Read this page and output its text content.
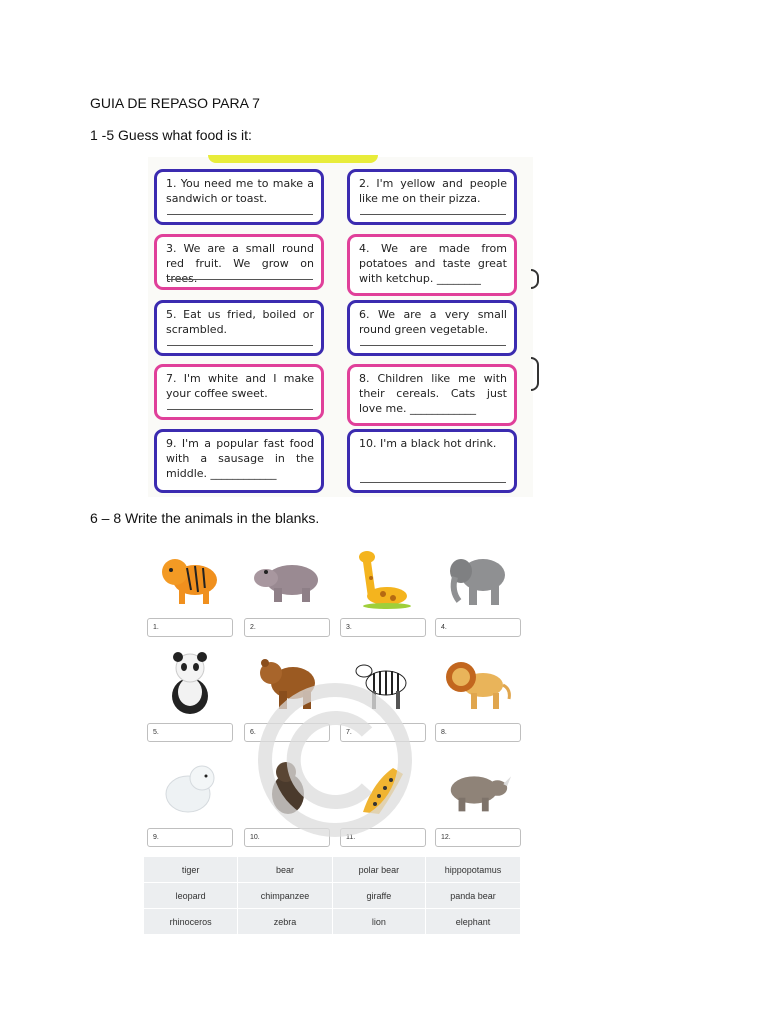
GUIA DE REPASO PARA 7
1 -5 Guess what food is it:
1. You need me to make a sandwich or toast.
2. I'm yellow and people like me on their pizza.
3. We are a small round red fruit. We grow on trees.
4. We are made from potatoes and taste great with ketchup. ________
5. Eat us fried, boiled or scrambled.
6. We are a very small round green vegetable.
7. I'm white and I make your coffee sweet.
8. Children like me with their cereals. Cats just love me. ____________
9. I'm a popular fast food with a sausage in the middle. ____________
10. I'm a black hot drink.
6 – 8 Write the animals in the blanks.
1.	2.	3.	4.
5.	6.	7.	8.
9.	10.	11.	12.
tiger	bear	polar bear	hippopotamus
leopard	chimpanzee	giraffe	panda bear
rhinoceros	zebra	lion	elephant
